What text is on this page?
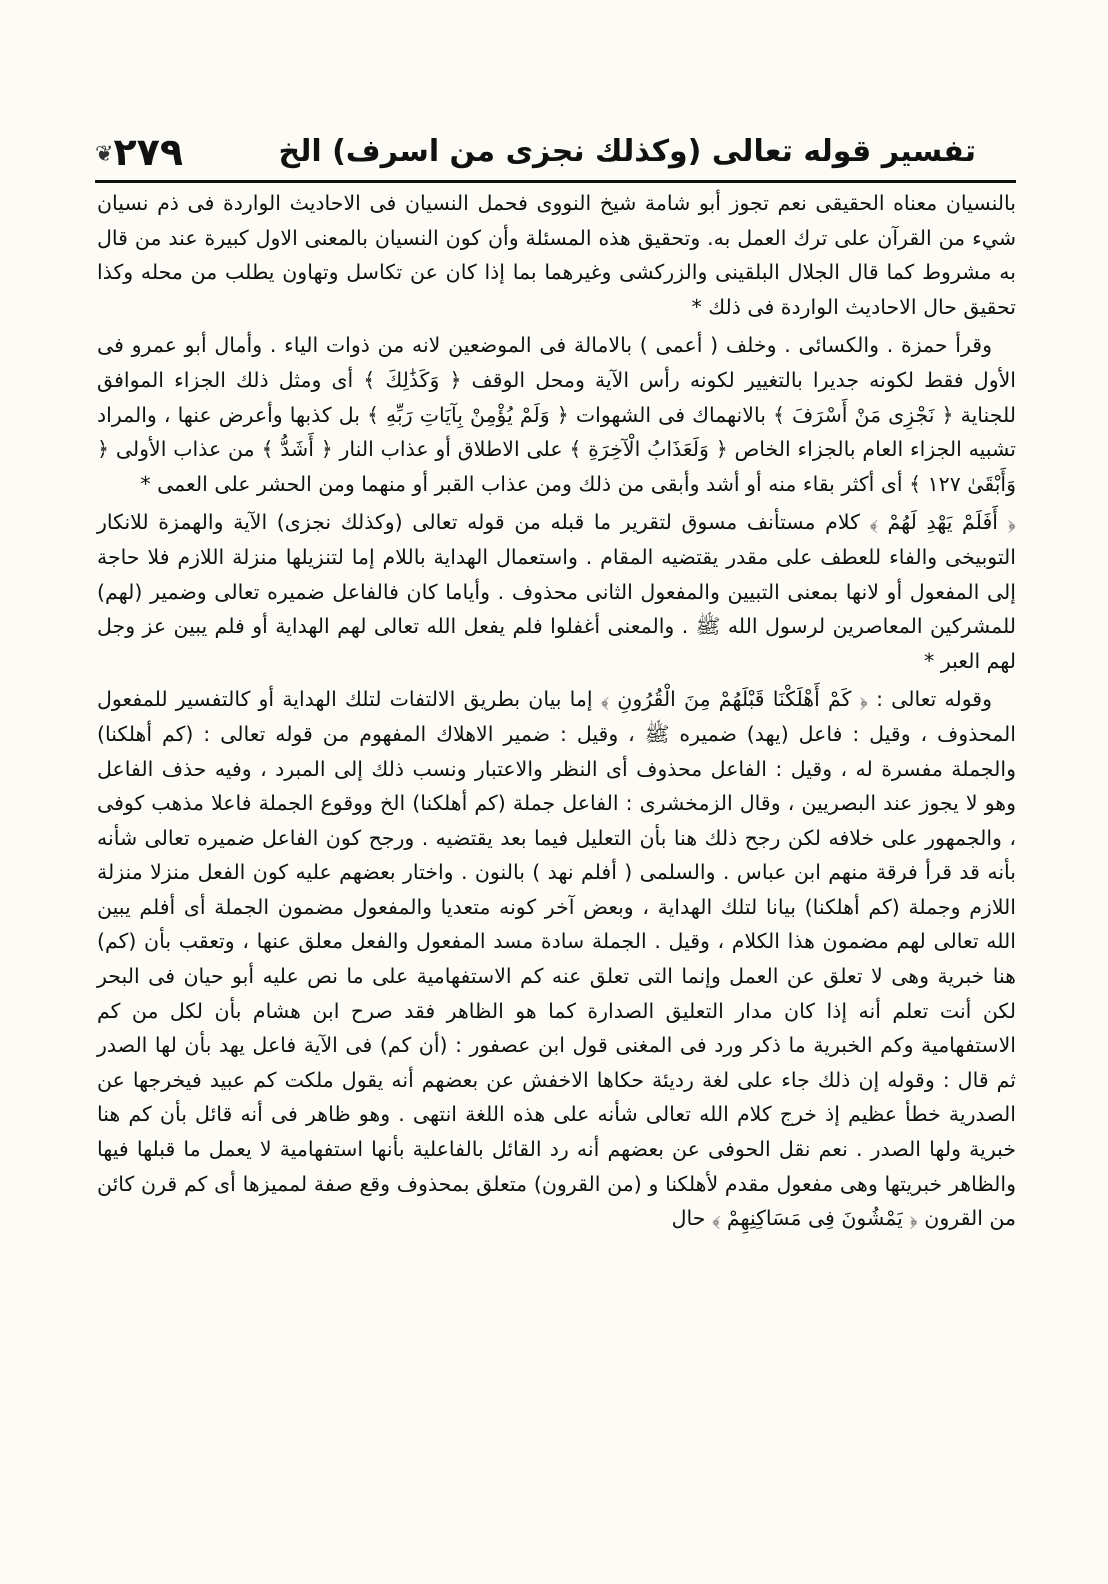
تفسير قوله تعالى (وكذلك نجزى من اسرف) الخ
٢٧٩❦

بالنسيان معناه الحقيقى نعم تجوز أبو شامة شيخ النووى فحمل النسيان فى الاحاديث الواردة فى ذم نسيان شيء من القرآن على ترك العمل به. وتحقيق هذه المسئلة وأن كون النسيان بالمعنى الاول كبيرة عند من قال به مشروط كما قال الجلال البلقينى والزركشى وغيرهما بما إذا كان عن تكاسل وتهاون يطلب من محله وكذا تحقيق حال الاحاديث الواردة فى ذلك *

وقرأ حمزة . والكسائى . وخلف ( أعمى ) بالامالة فى الموضعين لانه من ذوات الياء . وأمال أبو عمرو فى الأول فقط لكونه جديرا بالتغيير لكونه رأس الآية ومحل الوقف ﴿ وَكَذَٰلِكَ ﴾ أى ومثل ذلك الجزاء الموافق للجناية ﴿ نَجْزِى مَنْ أَسْرَفَ ﴾ بالانهماك فى الشهوات ﴿ وَلَمْ يُؤْمِنْ بِآيَاتِ رَبِّهِ ﴾ بل كذبها وأعرض عنها ، والمراد تشبيه الجزاء العام بالجزاء الخاص ﴿ وَلَعَذَابُ الْآخِرَةِ ﴾ على الاطلاق أو عذاب النار ﴿ أَشَدُّ ﴾ من عذاب الأولى ﴿ وَأَبْقَىٰ ١٢٧ ﴾ أى أكثر بقاء منه أو أشد وأبقى من ذلك ومن عذاب القبر أو منهما ومن الحشر على العمى *

﴿ أَفَلَمْ يَهْدِ لَهُمْ ﴾ كلام مستأنف مسوق لتقرير ما قبله من قوله تعالى (وكذلك نجزى) الآية والهمزة للانكار التوبيخى والفاء للعطف على مقدر يقتضيه المقام . واستعمال الهداية باللام إما لتنزيلها منزلة اللازم فلا حاجة إلى المفعول أو لانها بمعنى التبيين والمفعول الثانى محذوف . وأياما كان فالفاعل ضميره تعالى وضمير (لهم) للمشركين المعاصرين لرسول الله ﷺ . والمعنى أغفلوا فلم يفعل الله تعالى لهم الهداية أو فلم يبين عز وجل لهم العبر *

وقوله تعالى : ﴿ كَمْ أَهْلَكْنَا قَبْلَهُمْ مِنَ الْقُرُونِ ﴾ إما بيان بطريق الالتفات لتلك الهداية أو كالتفسير للمفعول المحذوف ، وقيل : فاعل (يهد) ضميره ﷺ ، وقيل : ضمير الاهلاك المفهوم من قوله تعالى : (كم أهلكنا) والجملة مفسرة له ، وقيل : الفاعل محذوف أى النظر والاعتبار ونسب ذلك إلى المبرد ، وفيه حذف الفاعل وهو لا يجوز عند البصريين ، وقال الزمخشرى : الفاعل جملة (كم أهلكنا) الخ ووقوع الجملة فاعلا مذهب كوفى ، والجمهور على خلافه لكن رجح ذلك هنا بأن التعليل فيما بعد يقتضيه . ورجح كون الفاعل ضميره تعالى شأنه بأنه قد قرأ فرقة منهم ابن عباس . والسلمى ( أفلم نهد ) بالنون . واختار بعضهم عليه كون الفعل منزلا منزلة اللازم وجملة (كم أهلكنا) بيانا لتلك الهداية ، وبعض آخر كونه متعديا والمفعول مضمون الجملة أى أفلم يبين الله تعالى لهم مضمون هذا الكلام ، وقيل . الجملة سادة مسد المفعول والفعل معلق عنها ، وتعقب بأن (كم) هنا خبرية وهى لا تعلق عن العمل وإنما التى تعلق عنه كم الاستفهامية على ما نص عليه أبو حيان فى البحر لكن أنت تعلم أنه إذا كان مدار التعليق الصدارة كما هو الظاهر فقد صرح ابن هشام بأن لكل من كم الاستفهامية وكم الخبرية ما ذكر ورد فى المغنى قول ابن عصفور : (أن كم) فى الآية فاعل يهد بأن لها الصدر ثم قال : وقوله إن ذلك جاء على لغة رديئة حكاها الاخفش عن بعضهم أنه يقول ملكت كم عبيد فيخرجها عن الصدرية خطأ عظيم إذ خرج كلام الله تعالى شأنه على هذه اللغة انتهى . وهو ظاهر فى أنه قائل بأن كم هنا خبرية ولها الصدر . نعم نقل الحوفى عن بعضهم أنه رد القائل بالفاعلية بأنها استفهامية لا يعمل ما قبلها فيها والظاهر خبريتها وهى مفعول مقدم لأهلكنا و (من القرون) متعلق بمحذوف وقع صفة لمميزها أى كم قرن كائن من القرون ﴿ يَمْشُونَ فِى مَسَاكِنِهِمْ ﴾ حال
